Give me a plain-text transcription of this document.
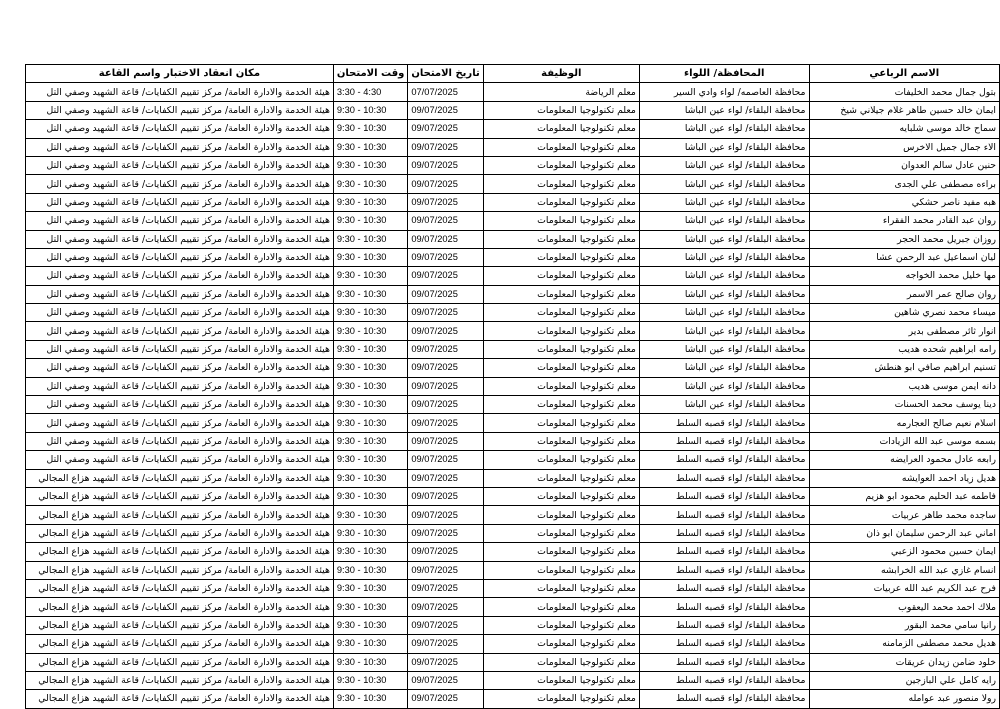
الاسم الرباعي	المحافظة/ اللواء	الوظيفة	تاريخ الامتحان	وقت الامتحان	مكان انعقاد الاختبار واسم القاعة
بتول جمال محمد الخليفات	محافظة العاصمه/ لواء وادي السير	معلم الرياضة	07/07/2025	3:30 - 4:30	هيئة الخدمة والادارة العامة/ مركز تقييم الكفايات/ قاعة الشهيد وصفي التل
ايمان خالد حسين طاهر غلام جيلاني شيخ	محافظة البلقاء/ لواء عين الباشا	معلم تكنولوجيا المعلومات	09/07/2025	9:30 - 10:30	هيئة الخدمة والادارة العامة/ مركز تقييم الكفايات/ قاعة الشهيد وصفي التل
سماح خالد موسى شلبايه	محافظة البلقاء/ لواء عين الباشا	معلم تكنولوجيا المعلومات	09/07/2025	9:30 - 10:30	هيئة الخدمة والادارة العامة/ مركز تقييم الكفايات/ قاعة الشهيد وصفي التل
الاء جمال جميل الاخرس	محافظة البلقاء/ لواء عين الباشا	معلم تكنولوجيا المعلومات	09/07/2025	9:30 - 10:30	هيئة الخدمة والادارة العامة/ مركز تقييم الكفايات/ قاعة الشهيد وصفي التل
حنين عادل سالم العدوان	محافظة البلقاء/ لواء عين الباشا	معلم تكنولوجيا المعلومات	09/07/2025	9:30 - 10:30	هيئة الخدمة والادارة العامة/ مركز تقييم الكفايات/ قاعة الشهيد وصفي التل
براءه مصطفى علي الجدى	محافظة البلقاء/ لواء عين الباشا	معلم تكنولوجيا المعلومات	09/07/2025	9:30 - 10:30	هيئة الخدمة والادارة العامة/ مركز تقييم الكفايات/ قاعة الشهيد وصفي التل
هبه مفيد ناصر حشكي	محافظة البلقاء/ لواء عين الباشا	معلم تكنولوجيا المعلومات	09/07/2025	9:30 - 10:30	هيئة الخدمة والادارة العامة/ مركز تقييم الكفايات/ قاعة الشهيد وصفي التل
روان عبد القادر محمد الفقراء	محافظة البلقاء/ لواء عين الباشا	معلم تكنولوجيا المعلومات	09/07/2025	9:30 - 10:30	هيئة الخدمة والادارة العامة/ مركز تقييم الكفايات/ قاعة الشهيد وصفي التل
روزان جبريل محمد الحجر	محافظة البلقاء/ لواء عين الباشا	معلم تكنولوجيا المعلومات	09/07/2025	9:30 - 10:30	هيئة الخدمة والادارة العامة/ مركز تقييم الكفايات/ قاعة الشهيد وصفي التل
ليان اسماعيل عبد الرحمن عشا	محافظة البلقاء/ لواء عين الباشا	معلم تكنولوجيا المعلومات	09/07/2025	9:30 - 10:30	هيئة الخدمة والادارة العامة/ مركز تقييم الكفايات/ قاعة الشهيد وصفي التل
مها خليل محمد الخواجه	محافظة البلقاء/ لواء عين الباشا	معلم تكنولوجيا المعلومات	09/07/2025	9:30 - 10:30	هيئة الخدمة والادارة العامة/ مركز تقييم الكفايات/ قاعة الشهيد وصفي التل
روان صالح عمر الاسمر	محافظة البلقاء/ لواء عين الباشا	معلم تكنولوجيا المعلومات	09/07/2025	9:30 - 10:30	هيئة الخدمة والادارة العامة/ مركز تقييم الكفايات/ قاعة الشهيد وصفي التل
ميساء محمد نصري شاهين	محافظة البلقاء/ لواء عين الباشا	معلم تكنولوجيا المعلومات	09/07/2025	9:30 - 10:30	هيئة الخدمة والادارة العامة/ مركز تقييم الكفايات/ قاعة الشهيد وصفي التل
انوار ثائر مصطفى بدير	محافظة البلقاء/ لواء عين الباشا	معلم تكنولوجيا المعلومات	09/07/2025	9:30 - 10:30	هيئة الخدمة والادارة العامة/ مركز تقييم الكفايات/ قاعة الشهيد وصفي التل
رامه ابراهيم شحده هديب	محافظة البلقاء/ لواء عين الباشا	معلم تكنولوجيا المعلومات	09/07/2025	9:30 - 10:30	هيئة الخدمة والادارة العامة/ مركز تقييم الكفايات/ قاعة الشهيد وصفي التل
تسنيم ابراهيم صافي ابو هنطش	محافظة البلقاء/ لواء عين الباشا	معلم تكنولوجيا المعلومات	09/07/2025	9:30 - 10:30	هيئة الخدمة والادارة العامة/ مركز تقييم الكفايات/ قاعة الشهيد وصفي التل
دانه ايمن موسى هديب	محافظة البلقاء/ لواء عين الباشا	معلم تكنولوجيا المعلومات	09/07/2025	9:30 - 10:30	هيئة الخدمة والادارة العامة/ مركز تقييم الكفايات/ قاعة الشهيد وصفي التل
دينا يوسف محمد الحسنات	محافظة البلقاء/ لواء عين الباشا	معلم تكنولوجيا المعلومات	09/07/2025	9:30 - 10:30	هيئة الخدمة والادارة العامة/ مركز تقييم الكفايات/ قاعة الشهيد وصفي التل
اسلام نعيم صالح العجارمه	محافظة البلقاء/ لواء قصبه السلط	معلم تكنولوجيا المعلومات	09/07/2025	9:30 - 10:30	هيئة الخدمة والادارة العامة/ مركز تقييم الكفايات/ قاعة الشهيد وصفي التل
بسمه موسى عبد الله الزيادات	محافظة البلقاء/ لواء قصبه السلط	معلم تكنولوجيا المعلومات	09/07/2025	9:30 - 10:30	هيئة الخدمة والادارة العامة/ مركز تقييم الكفايات/ قاعة الشهيد وصفي التل
رابعه عادل محمود العرايضه	محافظة البلقاء/ لواء قصبه السلط	معلم تكنولوجيا المعلومات	09/07/2025	9:30 - 10:30	هيئة الخدمة والادارة العامة/ مركز تقييم الكفايات/ قاعة الشهيد وصفي التل
هديل زياد احمد العوايشه	محافظة البلقاء/ لواء قصبه السلط	معلم تكنولوجيا المعلومات	09/07/2025	9:30 - 10:30	هيئة الخدمة والادارة العامة/ مركز تقييم الكفايات/ قاعة الشهيد هزاع المجالي
فاطمه عبد الحليم محمود ابو هزيم	محافظة البلقاء/ لواء قصبه السلط	معلم تكنولوجيا المعلومات	09/07/2025	9:30 - 10:30	هيئة الخدمة والادارة العامة/ مركز تقييم الكفايات/ قاعة الشهيد هزاع المجالي
ساجده محمد طاهر عربيات	محافظة البلقاء/ لواء قصبه السلط	معلم تكنولوجيا المعلومات	09/07/2025	9:30 - 10:30	هيئة الخدمة والادارة العامة/ مركز تقييم الكفايات/ قاعة الشهيد هزاع المجالي
اماني عبد الرحمن سليمان ابو ذان	محافظة البلقاء/ لواء قصبه السلط	معلم تكنولوجيا المعلومات	09/07/2025	9:30 - 10:30	هيئة الخدمة والادارة العامة/ مركز تقييم الكفايات/ قاعة الشهيد هزاع المجالي
ايمان حسين محمود الزعبي	محافظة البلقاء/ لواء قصبه السلط	معلم تكنولوجيا المعلومات	09/07/2025	9:30 - 10:30	هيئة الخدمة والادارة العامة/ مركز تقييم الكفايات/ قاعة الشهيد هزاع المجالي
انسام غازي عبد الله الخرابشه	محافظة البلقاء/ لواء قصبه السلط	معلم تكنولوجيا المعلومات	09/07/2025	9:30 - 10:30	هيئة الخدمة والادارة العامة/ مركز تقييم الكفايات/ قاعة الشهيد هزاع المجالي
فرح عبد الكريم عبد الله عربيات	محافظة البلقاء/ لواء قصبه السلط	معلم تكنولوجيا المعلومات	09/07/2025	9:30 - 10:30	هيئة الخدمة والادارة العامة/ مركز تقييم الكفايات/ قاعة الشهيد هزاع المجالي
ملاك احمد محمد اليعقوب	محافظة البلقاء/ لواء قصبه السلط	معلم تكنولوجيا المعلومات	09/07/2025	9:30 - 10:30	هيئة الخدمة والادارة العامة/ مركز تقييم الكفايات/ قاعة الشهيد هزاع المجالي
رانيا سامي محمد البقور	محافظة البلقاء/ لواء قصبه السلط	معلم تكنولوجيا المعلومات	09/07/2025	9:30 - 10:30	هيئة الخدمة والادارة العامة/ مركز تقييم الكفايات/ قاعة الشهيد هزاع المجالي
هديل محمد مصطفى الزمامنه	محافظة البلقاء/ لواء قصبه السلط	معلم تكنولوجيا المعلومات	09/07/2025	9:30 - 10:30	هيئة الخدمة والادارة العامة/ مركز تقييم الكفايات/ قاعة الشهيد هزاع المجالي
خلود ضامن زيدان عريقات	محافظة البلقاء/ لواء قصبه السلط	معلم تكنولوجيا المعلومات	09/07/2025	9:30 - 10:30	هيئة الخدمة والادارة العامة/ مركز تقييم الكفايات/ قاعة الشهيد هزاع المجالي
رايه كامل علي البازجين	محافظة البلقاء/ لواء قصبه السلط	معلم تكنولوجيا المعلومات	09/07/2025	9:30 - 10:30	هيئة الخدمة والادارة العامة/ مركز تقييم الكفايات/ قاعة الشهيد هزاع المجالي
رولا منصور عبد عوامله	محافظة البلقاء/ لواء قصبه السلط	معلم تكنولوجيا المعلومات	09/07/2025	9:30 - 10:30	هيئة الخدمة والادارة العامة/ مركز تقييم الكفايات/ قاعة الشهيد هزاع المجالي
